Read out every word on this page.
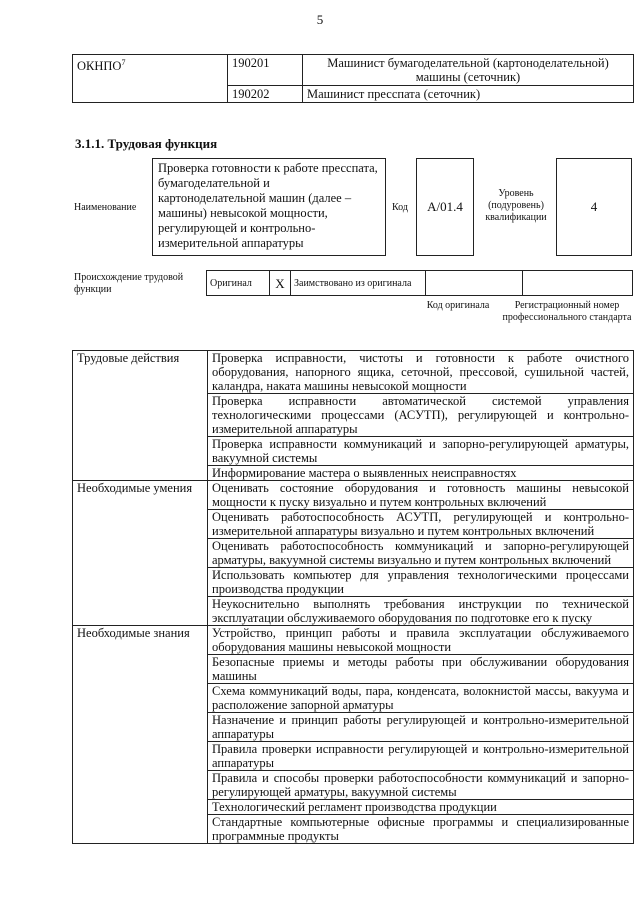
5
ОКНПО$^7$	190201	Машинист бумагоделательной (картоноделательной) машины (сеточник)
	190202	Машинист пресспата (сеточник)
3.1.1. Трудовая функция
Наименование
Проверка готовности к работе пресспата, бумагоделательной и картоноделательной машин (далее – машины) невысокой мощности, регулирующей и контрольно-измерительной аппаратуры
Код	А/01.4
Уровень (подуровень) квалификации
4
Происхождение трудовой функции
Оригинал	X	Заимствовано из оригинала		
Код оригинала	Регистрационный номер профессионального стандарта
Трудовые действия	Проверка исправности, чистоты и готовности к работе очистного оборудования, напорного ящика, сеточной, прессовой, сушильной частей, каландра, наката машины невысокой мощности
	Проверка исправности автоматической системой управления технологическими процессами (АСУТП), регулирующей и контрольно-измерительной аппаратуры
	Проверка исправности коммуникаций и запорно-регулирующей арматуры, вакуумной системы
	Информирование мастера о выявленных неисправностях
Необходимые умения	Оценивать состояние оборудования и готовность машины невысокой мощности к пуску визуально и путем контрольных включений
	Оценивать работоспособность АСУТП, регулирующей и контрольно-измерительной аппаратуры визуально и путем контрольных включений
	Оценивать работоспособность коммуникаций и запорно-регулирующей арматуры, вакуумной системы визуально и путем контрольных включений
	Использовать компьютер для управления технологическими процессами производства продукции
	Неукоснительно выполнять требования инструкции по технической эксплуатации обслуживаемого оборудования по подготовке его к пуску
Необходимые знания	Устройство, принцип работы и правила эксплуатации обслуживаемого оборудования машины невысокой мощности
	Безопасные приемы и методы работы при обслуживании оборудования машины
	Схема коммуникаций воды, пара, конденсата, волокнистой массы, вакуума и расположение запорной арматуры
	Назначение и принцип работы регулирующей и контрольно-измерительной аппаратуры
	Правила проверки исправности регулирующей и контрольно-измерительной аппаратуры
	Правила и способы проверки работоспособности коммуникаций и запорно-регулирующей арматуры, вакуумной системы
	Технологический регламент производства продукции
	Стандартные компьютерные офисные программы и специализированные программные продукты
